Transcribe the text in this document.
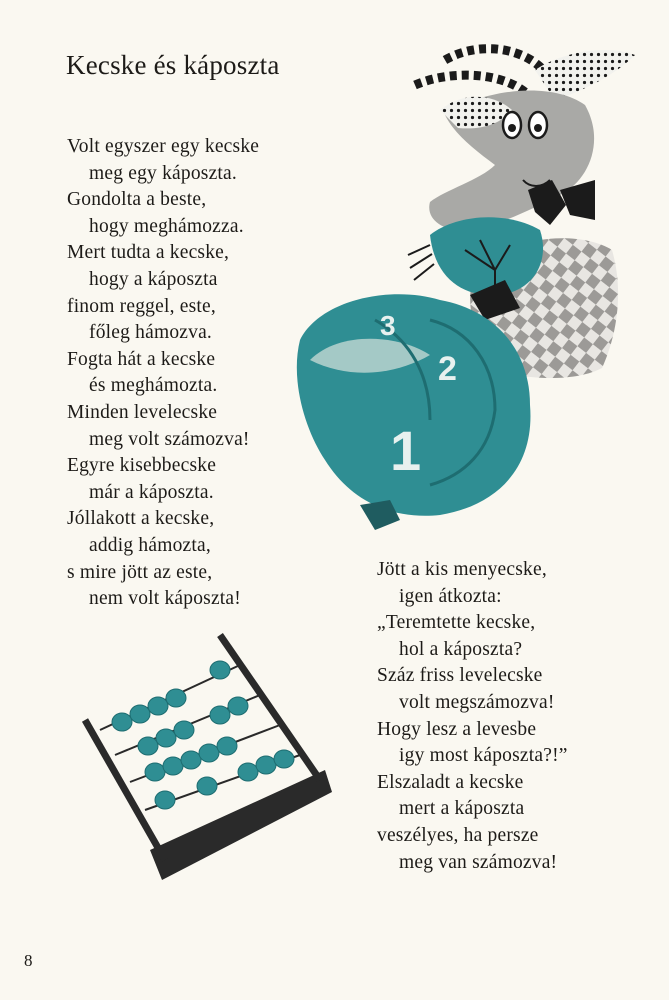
Kecske és káposzta
Volt egyszer egy kecske
meg egy káposzta.
Gondolta a beste,
hogy meghámozza.
Mert tudta a kecske,
hogy a káposzta
finom reggel, este,
főleg hámozva.
Fogta hát a kecske
és meghámozta.
Minden levelecske
meg volt számozva!
Egyre kisebbecske
már a káposzta.
Jóllakott a kecske,
addig hámozta,
s mire jött az este,
nem volt káposzta!
Jött a kis menyecske,
igen átkozta:
„Teremtette kecske,
hol a káposzta?
Száz friss levelecske
volt megszámozva!
Hogy lesz a levesbe
igy most káposzta?!”
Elszaladt a kecske
mert a káposzta
veszélyes, ha persze
meg van számozva!
3
2
1
8
